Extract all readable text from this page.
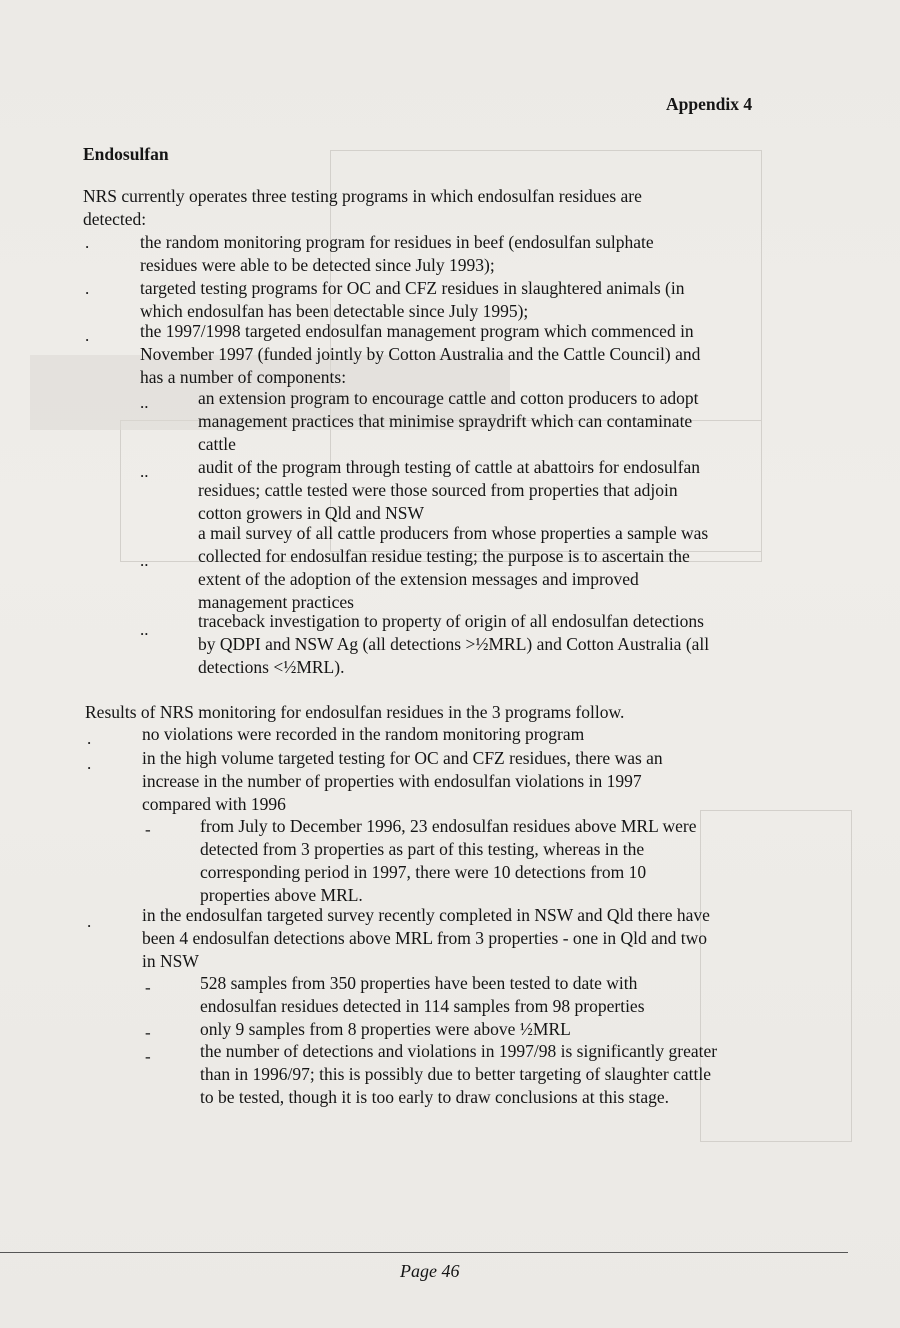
Appendix 4
Endosulfan
NRS currently operates three testing programs in which endosulfan residues are
detected:
.	the random monitoring program for residues in beef (endosulfan sulphate
residues were able to be detected since July 1993);
.	targeted testing programs for OC and CFZ residues in slaughtered animals (in
which endosulfan has been detectable since July 1995);
.	the 1997/1998 targeted endosulfan management program which commenced in
November 1997 (funded jointly by Cotton Australia and the Cattle Council) and
has a number of components:
..	an extension program to encourage cattle and cotton producers to adopt
management practices that minimise spraydrift which can contaminate
cattle
..	audit of the program through testing of cattle at abattoirs for endosulfan
residues; cattle tested were those sourced from properties that adjoin
cotton growers in Qld and NSW
..
a mail survey of all cattle producers from whose properties a sample was
collected for endosulfan residue testing; the purpose is to ascertain the
extent of the adoption of the extension messages and improved
management practices
..	traceback investigation to property of origin of all endosulfan detections
by QDPI and NSW Ag (all detections >½MRL) and Cotton Australia (all
detections <½MRL).
Results of NRS monitoring for endosulfan residues in the 3 programs follow.
.	no violations were recorded in the random monitoring program
.	in the high volume targeted testing for OC and CFZ residues, there was an
increase in the number of properties with endosulfan violations in 1997
compared with 1996
-	from July to December 1996, 23 endosulfan residues above MRL were
detected from 3 properties as part of this testing, whereas in the
corresponding period in 1997, there were 10 detections from 10
properties above MRL.
.	in the endosulfan targeted survey recently completed in NSW and Qld there have
been 4 endosulfan detections above MRL from 3 properties - one in Qld and two
in NSW
-	528 samples from 350 properties have been tested to date with
endosulfan residues detected in 114 samples from 98 properties
-	only 9 samples from 8 properties were above ½MRL
-	the number of detections and violations in 1997/98 is significantly greater
than in 1996/97; this is possibly due to better targeting of slaughter cattle
to be tested, though it is too early to draw conclusions at this stage.
Page 46
